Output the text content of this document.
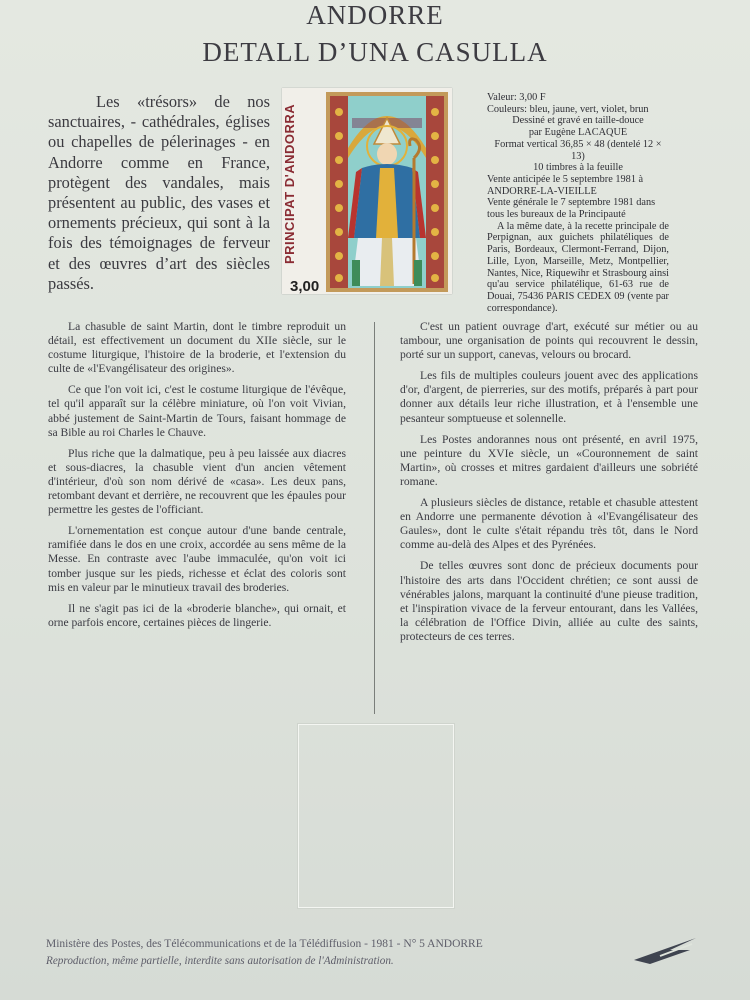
ANDORRE
DETALL D’UNA CASULLA
Les «trésors» de nos sanctuaires, - cathédrales, églises ou chapelles de pélerinages - en Andorre comme en France, protègent des vandales, mais présentent au public, des vases et ornements précieux, qui sont à la fois des témoignages de ferveur et des œuvres d’art des siècles passés.
PRINCIPAT D'ANDORRA
3,00

Valeur: 3,00 F

Couleurs: bleu, jaune, vert, violet, brun

Dessiné et gravé en taille-douce

par Eugène LACAQUE

Format vertical 36,85 × 48 (dentelé 12 × 13)

10 timbres à la feuille

Vente anticipée le 5 septembre 1981 à ANDORRE-LA-VIEILLE

Vente générale le 7 septembre 1981 dans tous les bureaux de la Principauté

A la même date, à la recette principale de Perpignan, aux guichets philatéliques de Paris, Bordeaux, Clermont-Ferrand, Dijon, Lille, Lyon, Marseille, Metz, Montpellier, Nantes, Nice, Riquewihr et Strasbourg ainsi qu'au service philatélique, 61-63 rue de Douai, 75436 PARIS CEDEX 09 (vente par correspondance).

La chasuble de saint Martin, dont le timbre reproduit un détail, est effectivement un document du XIIe siècle, sur le costume liturgique, l'histoire de la broderie, et l'extension du culte de «l'Evangélisateur des origines».

Ce que l'on voit ici, c'est le costume liturgique de l'évêque, tel qu'il apparaît sur la célèbre miniature, où l'on voit Vivian, abbé justement de Saint-Martin de Tours, faisant hommage de sa Bible au roi Charles le Chauve.

Plus riche que la dalmatique, peu à peu laissée aux diacres et sous-diacres, la chasuble vient d'un ancien vêtement d'intérieur, d'où son nom dérivé de «casa». Les deux pans, retombant devant et derrière, ne recouvrent que les épaules pour permettre les gestes de l'officiant.

L'ornementation est conçue autour d'une bande centrale, ramifiée dans le dos en une croix, accordée au sens même de la Messe. En contraste avec l'aube immaculée, qu'on voit ici tomber jusque sur les pieds, richesse et éclat des coloris sont mis en valeur par le minutieux travail des broderies.

Il ne s'agit pas ici de la «broderie blanche», qui ornait, et orne parfois encore, certaines pièces de lingerie.

C'est un patient ouvrage d'art, exécuté sur métier ou au tambour, une organisation de points qui recouvrent le dessin, porté sur un support, canevas, velours ou brocard.

Les fils de multiples couleurs jouent avec des applications d'or, d'argent, de pierreries, sur des motifs, préparés à part pour donner aux détails leur riche illustration, et à l'ensemble une pesanteur somptueuse et solennelle.

Les Postes andorannes nous ont présenté, en avril 1975, une peinture du XVIe siècle, un «Couronnement de saint Martin», où crosses et mitres gardaient d'ailleurs une sobriété romane.

A plusieurs siècles de distance, retable et chasuble attestent en Andorre une permanente dévotion à «l'Evangélisateur des Gaules», dont le culte s'était répandu très tôt, dans le Nord comme au-delà des Alpes et des Pyrénées.

De telles œuvres sont donc de précieux documents pour l'histoire des arts dans l'Occident chrétien; ce sont aussi de vénérables jalons, marquant la continuité d'une pieuse tradition, et l'inspiration vivace de la ferveur entourant, dans les Vallées, la célébration de l'Office Divin, alliée au culte des saints, protecteurs de ces terres.

Ministère des Postes, des Télécommunications et de la Télédiffusion - 1981 - N° 5 ANDORRE
Reproduction, même partielle, interdite sans autorisation de l'Administration.
